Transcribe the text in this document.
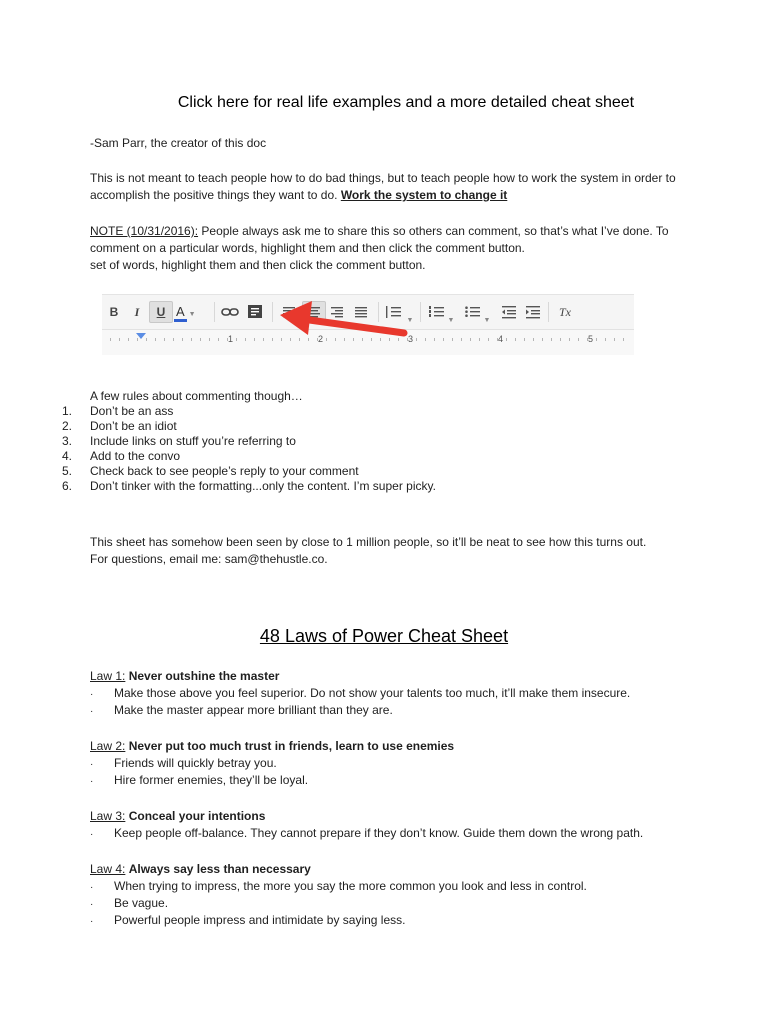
Click here for real life examples and a more detailed cheat sheet
-Sam Parr, the creator of this doc
This is not meant to teach people how to do bad things, but to teach people how to work the system in order to accomplish the positive things they want to do. Work the system to change it
NOTE (10/31/2016): People always ask me to share this so others can comment, so that’s what I’ve done. To comment on a particular words, highlight them and then click the comment button.
set of words, highlight them and then click the comment button.
B	I	U A ▼
▼	▼	▼
Tx
1	2	3	4	5
A few rules about commenting though…
1. Don’t be an ass
2. Don’t be an idiot
3. Include links on stuff you’re referring to
4. Add to the convo
5. Check back to see people’s reply to your comment
6. Don’t tinker with the formatting...only the content. I’m super picky.
This sheet has somehow been seen by close to 1 million people, so it’ll be neat to see how this turns out.
For questions, email me: sam@thehustle.co.
48 Laws of Power Cheat Sheet
Law 1: Never outshine the master
· Make those above you feel superior. Do not show your talents too much, it’ll make them insecure.
· Make the master appear more brilliant than they are.
Law 2: Never put too much trust in friends, learn to use enemies
· Friends will quickly betray you.
· Hire former enemies, they’ll be loyal.
Law 3: Conceal your intentions
· Keep people off-balance. They cannot prepare if they don’t know. Guide them down the wrong path.
Law 4: Always say less than necessary
· When trying to impress, the more you say the more common you look and less in control.
· Be vague.
· Powerful people impress and intimidate by saying less.
